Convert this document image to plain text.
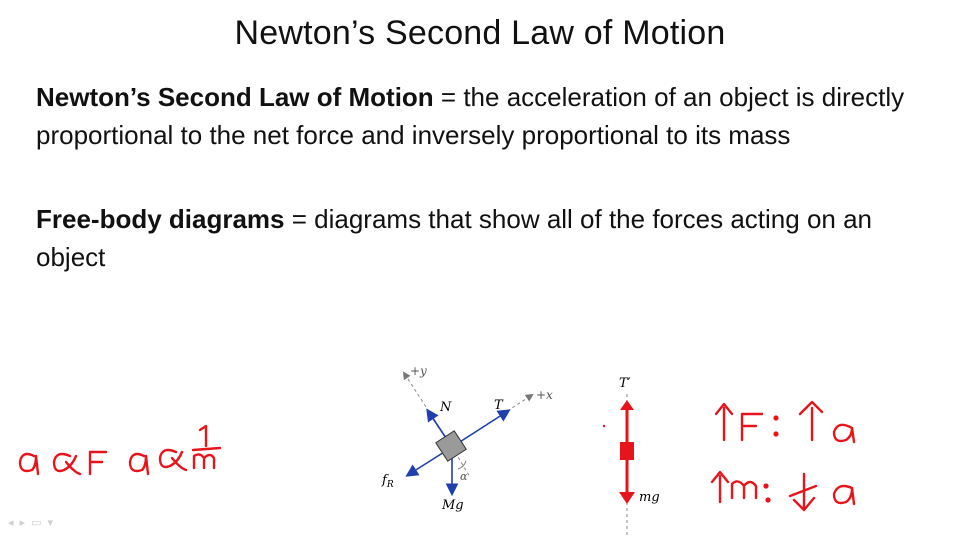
Newton’s Second Law of Motion
Newton’s Second Law of Motion = the acceleration of an object is directly proportional to the net force and inversely proportional to its mass
Free-body diagrams = diagrams that show all of the forces acting on an object
+y
+x
α
N	T
$f_R$
Mg
T′
mg
◂▸▭▾
